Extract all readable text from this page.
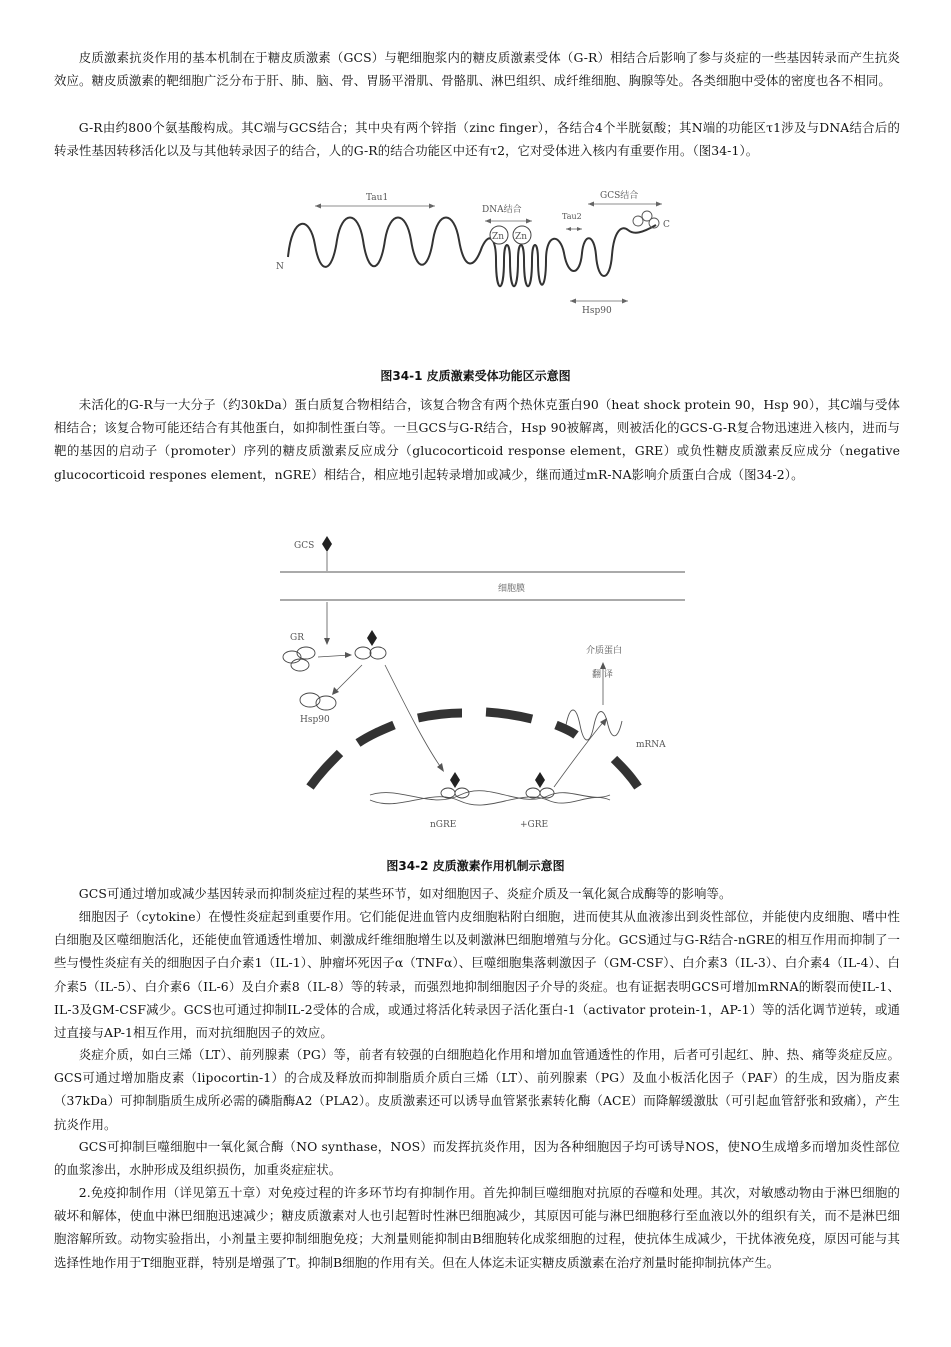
皮质激素抗炎作用的基本机制在于糖皮质激素（GCS）与靶细胞浆内的糖皮质激素受体（G-R）相结合后影响了参与炎症的一些基因转录而产生抗炎效应。糖皮质激素的靶细胞广泛分布于肝、肺、脑、骨、胃肠平滑肌、骨骼肌、淋巴组织、成纤维细胞、胸腺等处。各类细胞中受体的密度也各不相同。

G-R由约800个氨基酸构成。其C端与GCS结合；其中央有两个锌指（zinc finger），各结合4个半胱氨酸；其N端的功能区τ1涉及与DNA结合后的转录性基因转移活化以及与其他转录因子的结合，人的G-R的结合功能区中还有τ2，它对受体进入核内有重要作用。（图34-1）。

Tau1
DNA结合
GCS结合
Tau2
Zn Zn
N
C
Hsp90

图34-1 皮质激素受体功能区示意图

未活化的G-R与一大分子（约30kDa）蛋白质复合物相结合，该复合物含有两个热休克蛋白90（heat shock protein 90，Hsp 90），其C端与受体相结合；该复合物可能还结合有其他蛋白，如抑制性蛋白等。一旦GCS与G-R结合，Hsp 90被解离，则被活化的GCS-G-R复合物迅速进入核内，进而与靶的基因的启动子（promoter）序列的糖皮质激素反应成分（glucocorticoid response element，GRE）或负性糖皮质激素反应成分（negative glucocorticoid respones element，nGRE）相结合，相应地引起转录增加或减少，继而通过mR-NA影响介质蛋白合成（图34-2）。

GCS
细胞膜
GR
Hsp90
介质蛋白
翻 译
mRNA
nGRE	+GRE

图34-2 皮质激素作用机制示意图

GCS可通过增加或减少基因转录而抑制炎症过程的某些环节，如对细胞因子、炎症介质及一氧化氮合成酶等的影响等。

细胞因子（cytokine）在慢性炎症起到重要作用。它们能促进血管内皮细胞粘附白细胞，进而使其从血液渗出到炎性部位，并能使内皮细胞、嗜中性白细胞及区噬细胞活化，还能使血管通透性增加、刺激成纤维细胞增生以及刺激淋巴细胞增殖与分化。GCS通过与G-R结合-nGRE的相互作用而抑制了一些与慢性炎症有关的细胞因子白介素1（IL-1）、肿瘤坏死因子α（TNFα）、巨噬细胞集落刺激因子（GM-CSF）、白介素3（IL-3）、白介素4（IL-4）、白介素5（IL-5）、白介素6（IL-6）及白介素8（IL-8）等的转录，而强烈地抑制细胞因子介导的炎症。也有证据表明GCS可增加mRNA的断裂而使IL-1、IL-3及GM-CSF减少。GCS也可通过抑制IL-2受体的合成，或通过将活化转录因子活化蛋白-1（activator protein-1，AP-1）等的活化调节逆转，或通过直接与AP-1相互作用，而对抗细胞因子的效应。

炎症介质，如白三烯（LT）、前列腺素（PG）等，前者有较强的白细胞趋化作用和增加血管通透性的作用，后者可引起红、肿、热、痛等炎症反应。GCS可通过增加脂皮素（lipocortin-1）的合成及释放而抑制脂质介质白三烯（LT）、前列腺素（PG）及血小板活化因子（PAF）的生成，因为脂皮素（37kDa）可抑制脂质生成所必需的磷脂酶A2（PLA2）。皮质激素还可以诱导血管紧张素转化酶（ACE）而降解缓激肽（可引起血管舒张和致痛），产生抗炎作用。

GCS可抑制巨噬细胞中一氧化氮合酶（NO synthase，NOS）而发挥抗炎作用，因为各种细胞因子均可诱导NOS，使NO生成增多而增加炎性部位的血浆渗出，水肿形成及组织损伤，加重炎症症状。

2.免疫抑制作用（详见第五十章）对免疫过程的许多环节均有抑制作用。首先抑制巨噬细胞对抗原的吞噬和处理。其次，对敏感动物由于淋巴细胞的破坏和解体，使血中淋巴细胞迅速减少；糖皮质激素对人也引起暂时性淋巴细胞减少，其原因可能与淋巴细胞移行至血液以外的组织有关，而不是淋巴细胞溶解所致。动物实验指出，小剂量主要抑制细胞免疫；大剂量则能抑制由B细胞转化成浆细胞的过程，使抗体生成减少，干扰体液免疫，原因可能与其选择性地作用于T细胞亚群，特别是增强了T。抑制B细胞的作用有关。但在人体迄未证实糖皮质激素在治疗剂量时能抑制抗体产生。
